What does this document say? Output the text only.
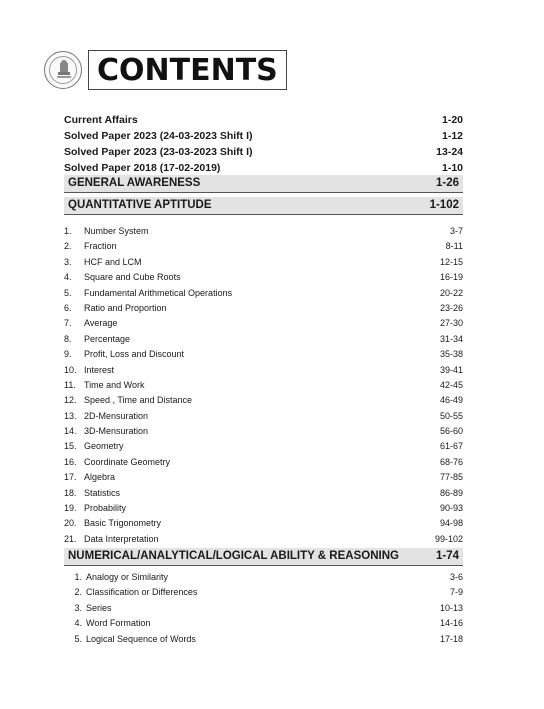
CONTENTS
Current Affairs	1-20
Solved Paper 2023 (24-03-2023 Shift I)	1-12
Solved Paper 2023 (23-03-2023 Shift I)	13-24
Solved Paper 2018 (17-02-2019)	1-10
GENERAL AWARENESS	1-26
QUANTITATIVE APTITUDE	1-102
1.	Number System	3-7
2.	Fraction	8-11
3.	HCF and LCM	12-15
4.	Square and Cube Roots	16-19
5.	Fundamental Arithmetical Operations	20-22
6.	Ratio and Proportion	23-26
7.	Average	27-30
8.	Percentage	31-34
9.	Profit, Loss and Discount	35-38
10. Interest	39-41
11. Time and Work	42-45
12. Speed , Time and Distance	46-49
13. 2D-Mensuration	50-55
14. 3D-Mensuration	56-60
15. Geometry	61-67
16. Coordinate Geometry	68-76
17. Algebra	77-85
18. Statistics	86-89
19. Probability	90-93
20. Basic Trigonometry	94-98
21. Data Interpretation	99-102
NUMERICAL/ANALYTICAL/LOGICAL ABILITY & REASONING	1-74
1. Analogy or Similarity	3-6
2. Classification or Differences	7-9
3. Series	10-13
4. Word Formation	14-16
5. Logical Sequence of Words	17-18
